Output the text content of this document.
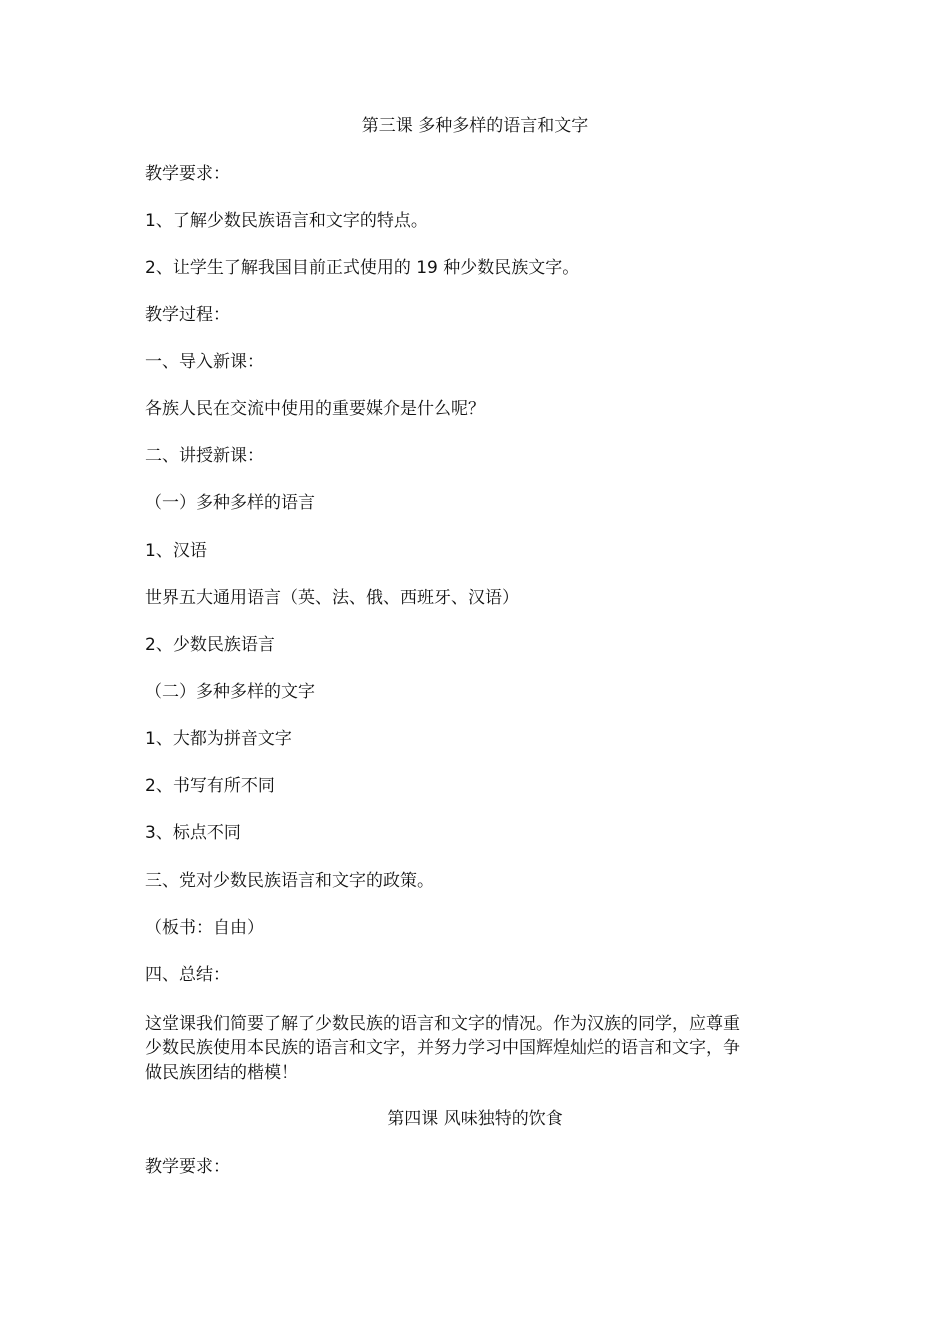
第三课 多种多样的语言和文字
教学要求：
1、了解少数民族语言和文字的特点。
2、让学生了解我国目前正式使用的 19 种少数民族文字。
教学过程：
一、导入新课：
各族人民在交流中使用的重要媒介是什么呢？
二、讲授新课：
（一）多种多样的语言
1、汉语
世界五大通用语言（英、法、俄、西班牙、汉语）
2、少数民族语言
（二）多种多样的文字
1、大都为拼音文字
2、书写有所不同
3、标点不同
三、党对少数民族语言和文字的政策。
（板书：自由）
四、总结：
这堂课我们简要了解了少数民族的语言和文字的情况。作为汉族的同学，应尊重
少数民族使用本民族的语言和文字，并努力学习中国辉煌灿烂的语言和文字，争
做民族团结的楷模！
第四课 风味独特的饮食
教学要求：
